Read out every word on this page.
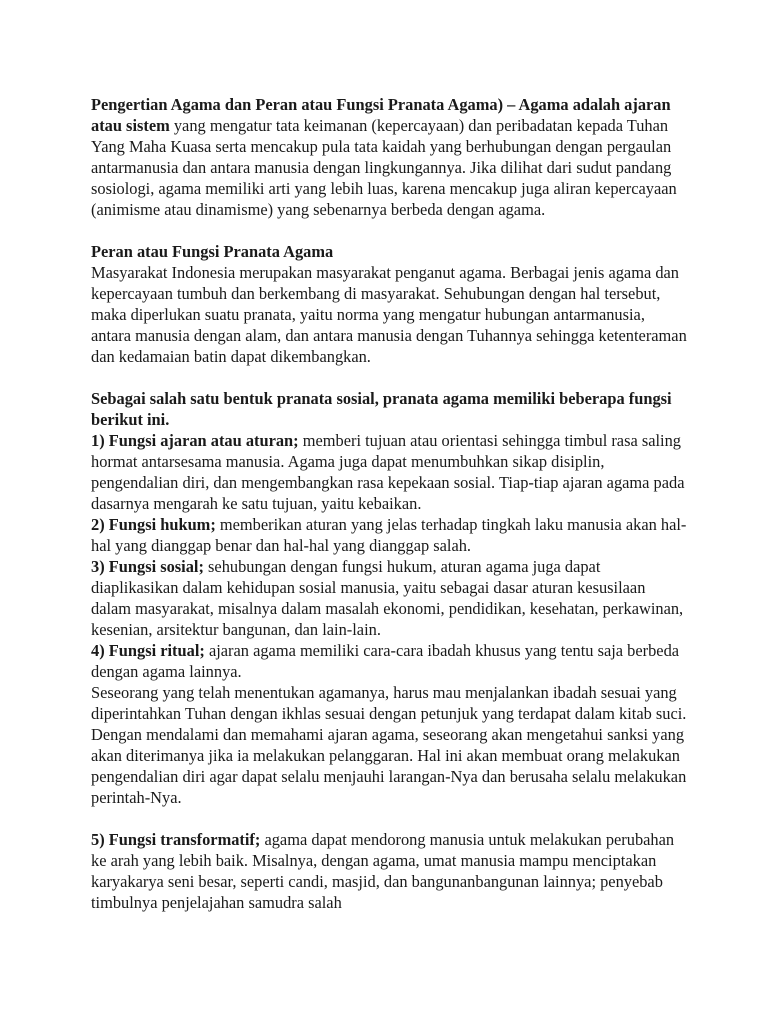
Pengertian Agama dan Peran atau Fungsi Pranata Agama) – Agama adalah ajaran atau sistem yang mengatur tata keimanan (kepercayaan) dan peribadatan kepada Tuhan Yang Maha Kuasa serta mencakup pula tata kaidah yang berhubungan dengan pergaulan antarmanusia dan antara manusia dengan lingkungannya. Jika dilihat dari sudut pandang sosiologi, agama memiliki arti yang lebih luas, karena mencakup juga aliran kepercayaan (animisme atau dinamisme) yang sebenarnya berbeda dengan agama.

Peran atau Fungsi Pranata Agama
Masyarakat Indonesia merupakan masyarakat penganut agama. Berbagai jenis agama dan kepercayaan tumbuh dan berkembang di masyarakat. Sehubungan dengan hal tersebut, maka diperlukan suatu pranata, yaitu norma yang mengatur hubungan antarmanusia, antara manusia dengan alam, dan antara manusia dengan Tuhannya sehingga ketenteraman dan kedamaian batin dapat dikembangkan.

Sebagai salah satu bentuk pranata sosial, pranata agama memiliki beberapa fungsi berikut ini.
1) Fungsi ajaran atau aturan; memberi tujuan atau orientasi sehingga timbul rasa saling hormat antarsesama manusia. Agama juga dapat menumbuhkan sikap disiplin, pengendalian diri, dan mengembangkan rasa kepekaan sosial. Tiap-tiap ajaran agama pada dasarnya mengarah ke satu tujuan, yaitu kebaikan.
2) Fungsi hukum; memberikan aturan yang jelas terhadap tingkah laku manusia akan hal-hal yang dianggap benar dan hal-hal yang dianggap salah.
3) Fungsi sosial; sehubungan dengan fungsi hukum, aturan agama juga dapat diaplikasikan dalam kehidupan sosial manusia, yaitu sebagai dasar aturan kesusilaan dalam masyarakat, misalnya dalam masalah ekonomi, pendidikan, kesehatan, perkawinan, kesenian, arsitektur bangunan, dan lain-lain.
4) Fungsi ritual; ajaran agama memiliki cara-cara ibadah khusus yang tentu saja berbeda dengan agama lainnya.
Seseorang yang telah menentukan agamanya, harus mau menjalankan ibadah sesuai yang diperintahkan Tuhan dengan ikhlas sesuai dengan petunjuk yang terdapat dalam kitab suci. Dengan mendalami dan memahami ajaran agama, seseorang akan mengetahui sanksi yang akan diterimanya jika ia melakukan pelanggaran. Hal ini akan membuat orang melakukan pengendalian diri agar dapat selalu menjauhi larangan-Nya dan berusaha selalu melakukan perintah-Nya.

5) Fungsi transformatif; agama dapat mendorong manusia untuk melakukan perubahan ke arah yang lebih baik. Misalnya, dengan agama, umat manusia mampu menciptakan karyakarya seni besar, seperti candi, masjid, dan bangunanbangunan lainnya; penyebab timbulnya penjelajahan samudra salah
